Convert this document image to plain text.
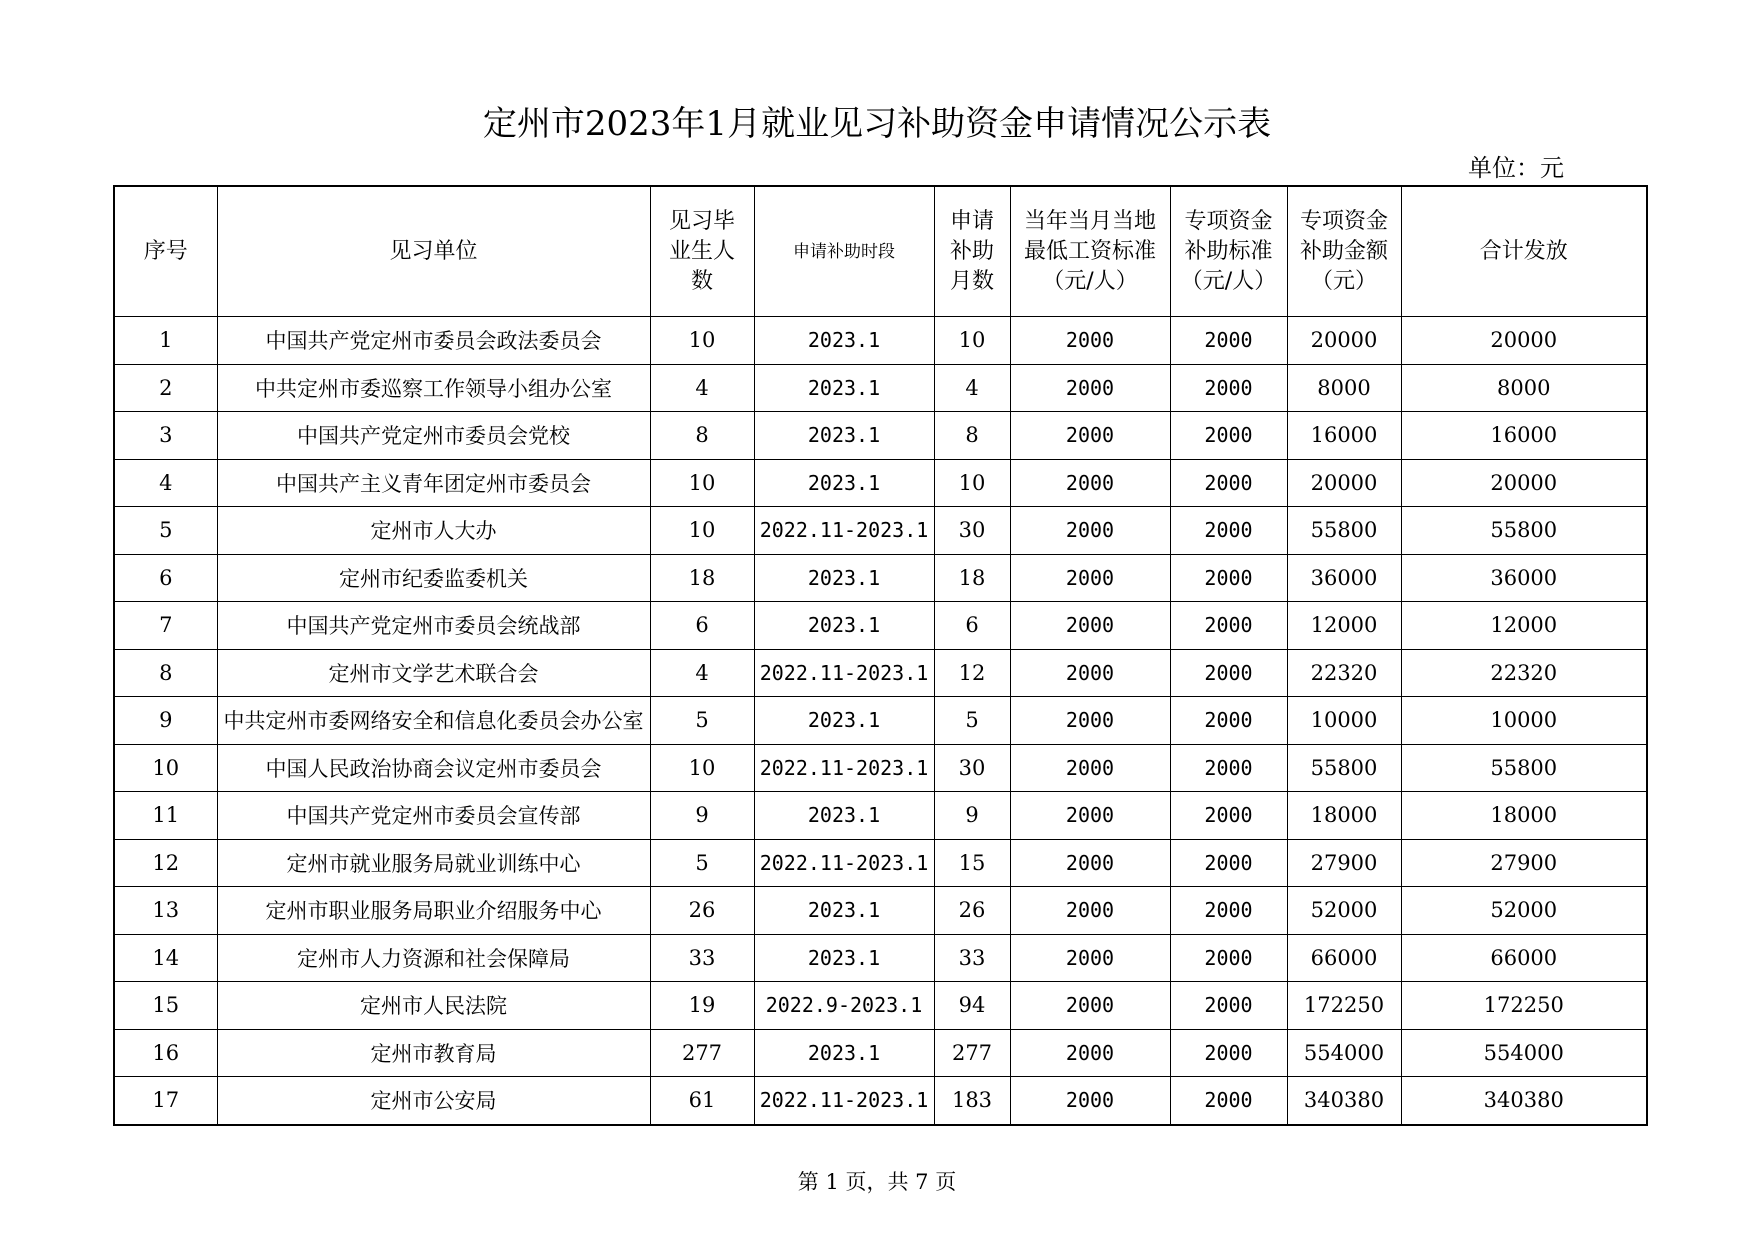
定州市2023年1月就业见习补助资金申请情况公示表
单位：元
序号	见习单位	见习毕业生人数	申请补助时段	申请补助月数	当年当月当地最低工资标准（元/人）	专项资金补助标准（元/人）	专项资金补助金额（元）	合计发放
1	中国共产党定州市委员会政法委员会	10	2023.1	10	2000	2000	20000	20000
2	中共定州市委巡察工作领导小组办公室	4	2023.1	4	2000	2000	8000	8000
3	中国共产党定州市委员会党校	8	2023.1	8	2000	2000	16000	16000
4	中国共产主义青年团定州市委员会	10	2023.1	10	2000	2000	20000	20000
5	定州市人大办	10	2022.11-2023.1	30	2000	2000	55800	55800
6	定州市纪委监委机关	18	2023.1	18	2000	2000	36000	36000
7	中国共产党定州市委员会统战部	6	2023.1	6	2000	2000	12000	12000
8	定州市文学艺术联合会	4	2022.11-2023.1	12	2000	2000	22320	22320
9	中共定州市委网络安全和信息化委员会办公室	5	2023.1	5	2000	2000	10000	10000
10	中国人民政治协商会议定州市委员会	10	2022.11-2023.1	30	2000	2000	55800	55800
11	中国共产党定州市委员会宣传部	9	2023.1	9	2000	2000	18000	18000
12	定州市就业服务局就业训练中心	5	2022.11-2023.1	15	2000	2000	27900	27900
13	定州市职业服务局职业介绍服务中心	26	2023.1	26	2000	2000	52000	52000
14	定州市人力资源和社会保障局	33	2023.1	33	2000	2000	66000	66000
15	定州市人民法院	19	2022.9-2023.1	94	2000	2000	172250	172250
16	定州市教育局	277	2023.1	277	2000	2000	554000	554000
17	定州市公安局	61	2022.11-2023.1	183	2000	2000	340380	340380
第 1 页，共 7 页
